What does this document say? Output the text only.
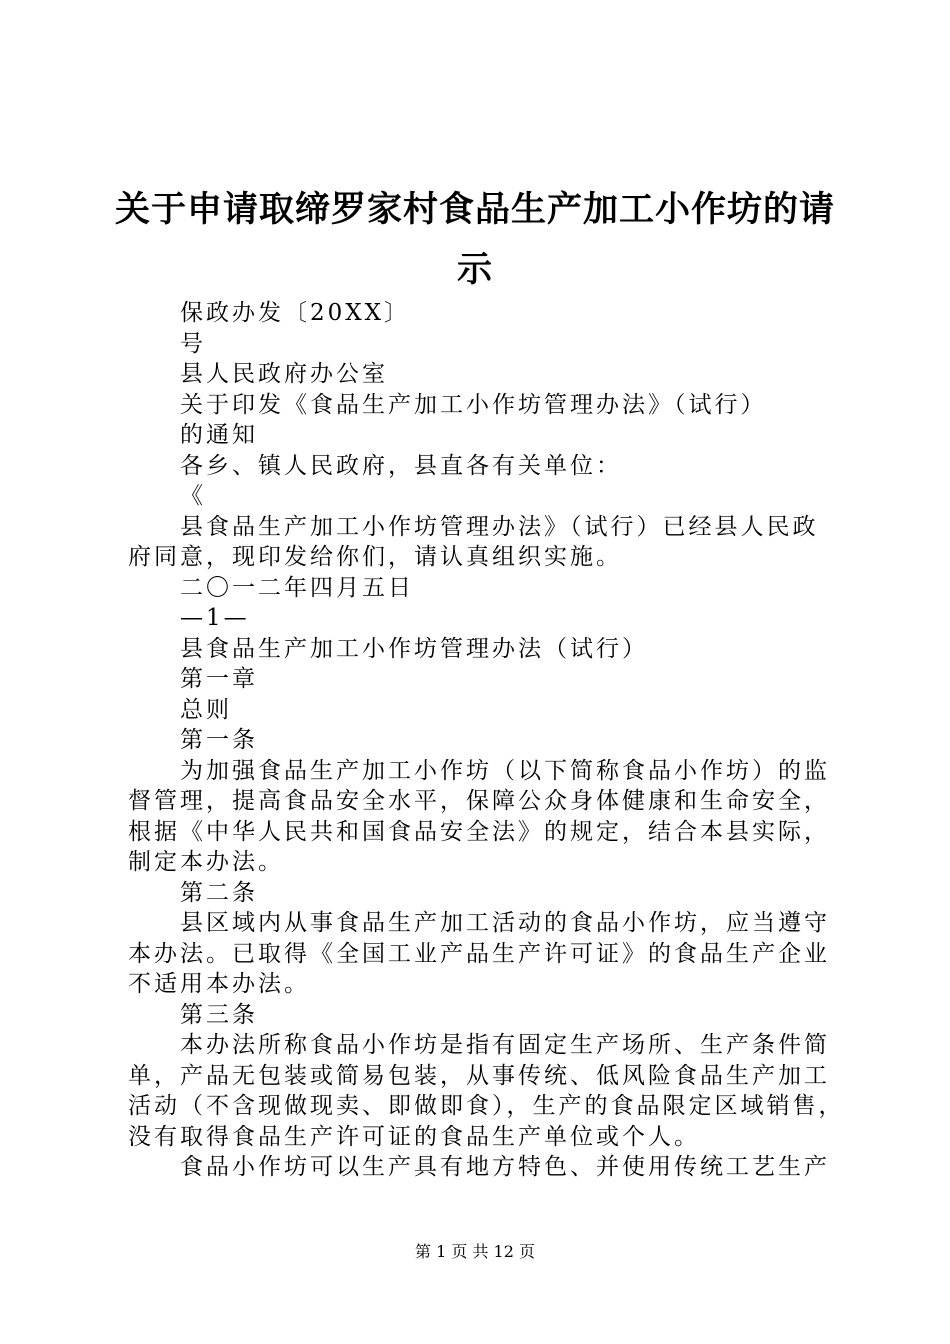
关于申请取缔罗家村食品生产加工小作坊的请
示

保政办发〔20XX〕

号

县人民政府办公室

关于印发《食品生产加工小作坊管理办法》（试行）

的通知

各乡、镇人民政府，县直各有关单位：

《

县食品生产加工小作坊管理办法》（试行）已经县人民政

府同意，现印发给你们，请认真组织实施。

二〇一二年四月五日

—1—

县食品生产加工小作坊管理办法（试行）

第一章

总则

第一条

为加强食品生产加工小作坊（以下简称食品小作坊）的监

督管理，提高食品安全水平，保障公众身体健康和生命安全，

根据《中华人民共和国食品安全法》的规定，结合本县实际，

制定本办法。

第二条

县区域内从事食品生产加工活动的食品小作坊，应当遵守

本办法。已取得《全国工业产品生产许可证》的食品生产企业

不适用本办法。

第三条

本办法所称食品小作坊是指有固定生产场所、生产条件简

单，产品无包装或简易包装，从事传统、低风险食品生产加工

活动（不含现做现卖、即做即食），生产的食品限定区域销售，

没有取得食品生产许可证的食品生产单位或个人。

食品小作坊可以生产具有地方特色、并使用传统工艺生产

第 1 页 共 12 页
